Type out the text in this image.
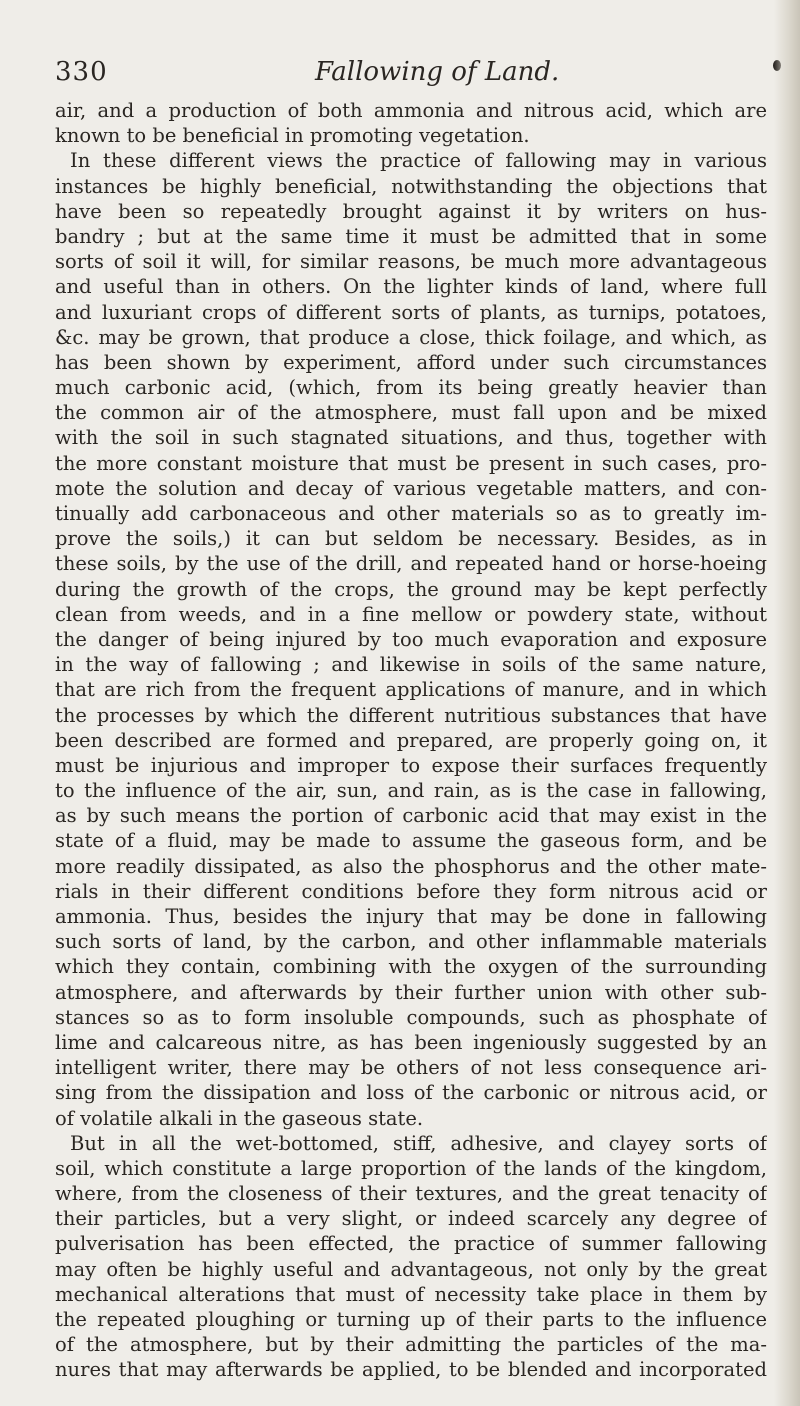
330	Fallowing of Land.
air, and a production of both ammonia and nitrous acid, which are
known to be beneficial in promoting vegetation.
In these different views the practice of fallowing may in various
instances be highly beneficial, notwithstanding the objections that
have been so repeatedly brought against it by writers on hus-
bandry ; but at the same time it must be admitted that in some
sorts of soil it will, for similar reasons, be much more advantageous
and useful than in others. On the lighter kinds of land, where full
and luxuriant crops of different sorts of plants, as turnips, potatoes,
&c. may be grown, that produce a close, thick foilage, and which, as
has been shown by experiment, afford under such circumstances
much carbonic acid, (which, from its being greatly heavier than
the common air of the atmosphere, must fall upon and be mixed
with the soil in such stagnated situations, and thus, together with
the more constant moisture that must be present in such cases, pro-
mote the solution and decay of various vegetable matters, and con-
tinually add carbonaceous and other materials so as to greatly im-
prove the soils,) it can but seldom be necessary. Besides, as in
these soils, by the use of the drill, and repeated hand or horse-hoeing
during the growth of the crops, the ground may be kept perfectly
clean from weeds, and in a fine mellow or powdery state, without
the danger of being injured by too much evaporation and exposure
in the way of fallowing ; and likewise in soils of the same nature,
that are rich from the frequent applications of manure, and in which
the processes by which the different nutritious substances that have
been described are formed and prepared, are properly going on, it
must be injurious and improper to expose their surfaces frequently
to the influence of the air, sun, and rain, as is the case in fallowing,
as by such means the portion of carbonic acid that may exist in the
state of a fluid, may be made to assume the gaseous form, and be
more readily dissipated, as also the phosphorus and the other mate-
rials in their different conditions before they form nitrous acid or
ammonia. Thus, besides the injury that may be done in fallowing
such sorts of land, by the carbon, and other inflammable materials
which they contain, combining with the oxygen of the surrounding
atmosphere, and afterwards by their further union with other sub-
stances so as to form insoluble compounds, such as phosphate of
lime and calcareous nitre, as has been ingeniously suggested by an
intelligent writer, there may be others of not less consequence ari-
sing from the dissipation and loss of the carbonic or nitrous acid, or
of volatile alkali in the gaseous state.
But in all the wet-bottomed, stiff, adhesive, and clayey sorts of
soil, which constitute a large proportion of the lands of the kingdom,
where, from the closeness of their textures, and the great tenacity of
their particles, but a very slight, or indeed scarcely any degree of
pulverisation has been effected, the practice of summer fallowing
may often be highly useful and advantageous, not only by the great
mechanical alterations that must of necessity take place in them by
the repeated ploughing or turning up of their parts to the influence
of the atmosphere, but by their admitting the particles of the ma-
nures that may afterwards be applied, to be blended and incorporated
